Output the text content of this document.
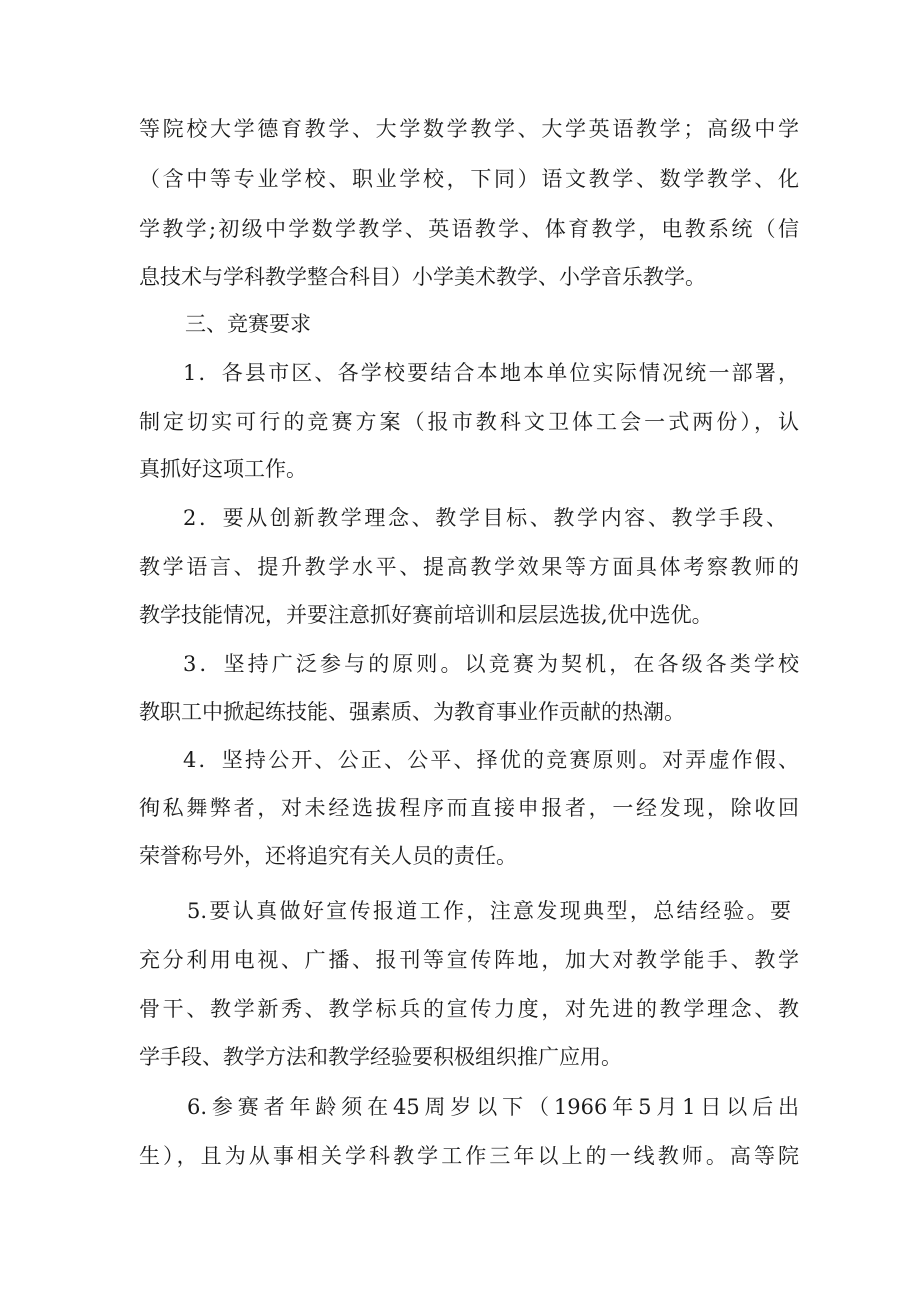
等院校大学德育教学、大学数学教学、大学英语教学；高级中学

（含中等专业学校、职业学校，下同）语文教学、数学教学、化

学教学;初级中学数学教学、英语教学、体育教学，电教系统（信

息技术与学科教学整合科目）小学美术教学、小学音乐教学。

三、竞赛要求

1．各县市区、各学校要结合本地本单位实际情况统一部署，

制定切实可行的竞赛方案（报市教科文卫体工会一式两份），认

真抓好这项工作。

2．要从创新教学理念、教学目标、教学内容、教学手段、

教学语言、提升教学水平、提高教学效果等方面具体考察教师的

教学技能情况，并要注意抓好赛前培训和层层选拔,优中选优。

3．坚持广泛参与的原则。以竞赛为契机，在各级各类学校

教职工中掀起练技能、强素质、为教育事业作贡献的热潮。

4．坚持公开、公正、公平、择优的竞赛原则。对弄虚作假、

徇私舞弊者，对未经选拔程序而直接申报者，一经发现，除收回

荣誉称号外，还将追究有关人员的责任。

5.要认真做好宣传报道工作，注意发现典型，总结经验。要

充分利用电视、广播、报刊等宣传阵地，加大对教学能手、教学

骨干、教学新秀、教学标兵的宣传力度，对先进的教学理念、教

学手段、教学方法和教学经验要积极组织推广应用。

6.参赛者年龄须在45周岁以下（1966年5月1日以后出

生），且为从事相关学科教学工作三年以上的一线教师。高等院
